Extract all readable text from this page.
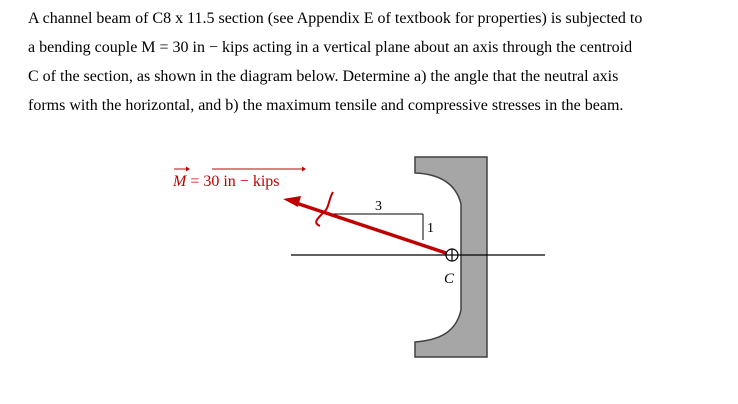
A channel beam of C8 x 11.5 section (see Appendix E of textbook for properties) is subjected to
a bending couple M = 30 in − kips acting in a vertical plane about an axis through the centroid
C of the section, as shown in the diagram below. Determine a) the angle that the neutral axis
forms with the horizontal, and b) the maximum tensile and compressive stresses in the beam.
3
1
C
M = 30 in − kips
